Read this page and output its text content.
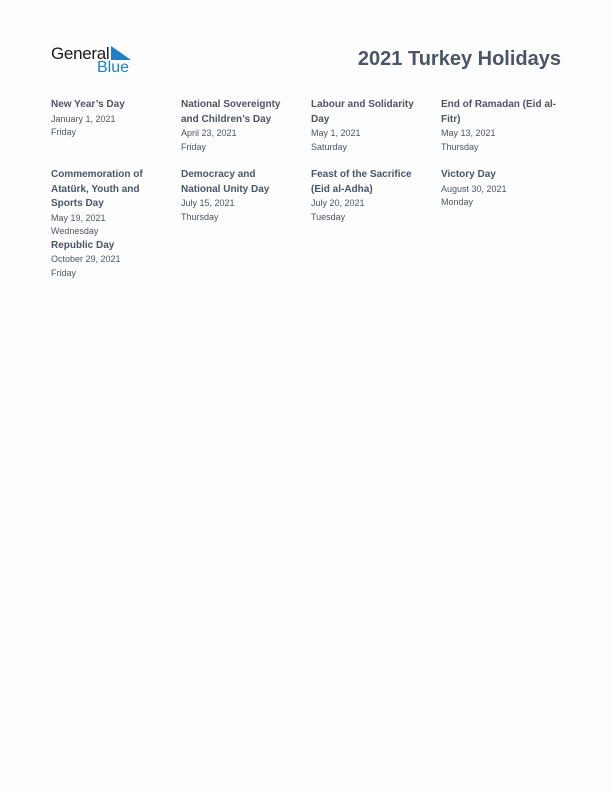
General
Blue	2021 Turkey Holidays
New Year’s Day
January 1, 2021
Friday
Commemoration of Atatürk, Youth and Sports Day
May 19, 2021
Wednesday
Republic Day
October 29, 2021
Friday
National Sovereignty and Children’s Day
April 23, 2021
Friday
Democracy and National Unity Day
July 15, 2021
Thursday
Labour and Solidarity Day
May 1, 2021
Saturday
Feast of the Sacrifice (Eid al-Adha)
July 20, 2021
Tuesday
End of Ramadan (Eid al-Fitr)
May 13, 2021
Thursday
Victory Day
August 30, 2021
Monday
